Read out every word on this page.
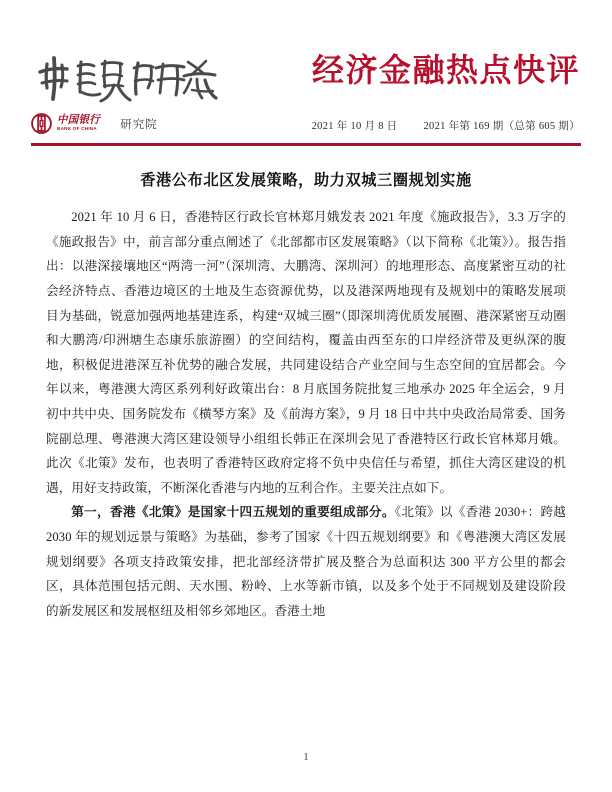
中国银行
BANK OF CHINA	研究院
经济金融热点快评
2021 年 10 月 8 日 2021 年第 169 期（总第 605 期）
香港公布北区发展策略，助力双城三圈规划实施

2021 年 10 月 6 日，香港特区行政长官林郑月娥发表 2021 年度《施政报告》，3.3 万字的《施政报告》中，前言部分重点阐述了《北部都市区发展策略》（以下简称《北策》）。报告指出：以港深接壤地区“两湾一河”（深圳湾、大鹏湾、深圳河）的地理形态、高度紧密互动的社会经济特点、香港边境区的土地及生态资源优势，以及港深两地现有及规划中的策略发展项目为基础，锐意加强两地基建连系，构建“双城三圈”（即深圳湾优质发展圈、港深紧密互动圈和大鹏湾/印洲塘生态康乐旅游圈）的空间结构，覆盖由西至东的口岸经济带及更纵深的腹地，积极促进港深互补优势的融合发展，共同建设结合产业空间与生态空间的宜居都会。今年以来，粤港澳大湾区系列利好政策出台：8 月底国务院批复三地承办 2025 年全运会，9 月初中共中央、国务院发布《横琴方案》及《前海方案》，9 月 18 日中共中央政治局常委、国务院副总理、粤港澳大湾区建设领导小组组长韩正在深圳会见了香港特区行政长官林郑月娥。此次《北策》发布，也表明了香港特区政府定将不负中央信任与希望，抓住大湾区建设的机遇，用好支持政策，不断深化香港与内地的互利合作。主要关注点如下。

第一，香港《北策》是国家十四五规划的重要组成部分。《北策》以《香港 2030+：跨越 2030 年的规划远景与策略》为基础，参考了国家《十四五规划纲要》和《粤港澳大湾区发展规划纲要》各项支持政策安排，把北部经济带扩展及整合为总面积达 300 平方公里的都会区，具体范围包括元朗、天水围、粉岭、上水等新市镇，以及多个处于不同规划及建设阶段的新发展区和发展枢纽及相邻乡郊地区。香港土地

1
